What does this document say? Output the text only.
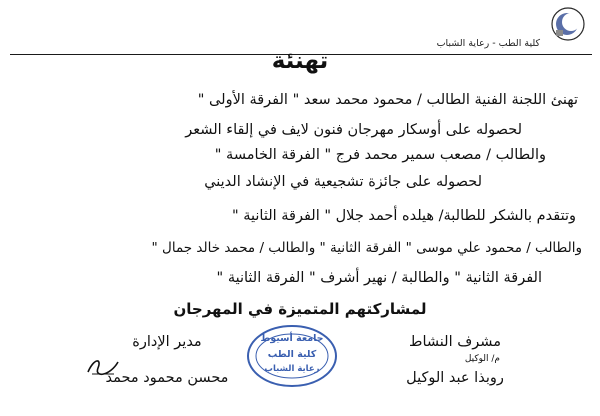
كلية الطب - رعاية الشباب
تهنئة
تهنئ اللجنة الفنية الطالب / محمود محمد سعد " الفرقة الأولى "
لحصوله على أوسكار مهرجان فنون لايف في إلقاء الشعر
والطالب / مصعب سمير محمد فرج " الفرقة الخامسة "
لحصوله على جائزة تشجيعية في الإنشاد الديني
وتتقدم بالشكر للطالبة/ هيلده أحمد جلال " الفرقة الثانية "
والطالب / محمود علي موسى " الفرقة الثانية " والطالب / محمد خالد جمال "
الفرقة الثانية " والطالبة / نهير أشرف " الفرقة الثانية "
لمشاركتهم المتميزة في المهرجان
مدير الإدارة
محسن محمود محمد
جامعة أسيوط
كلية الطب
رعاية الشباب
مشرف النشاط
م/ الوكيل
روبذا عبد الوكيل
